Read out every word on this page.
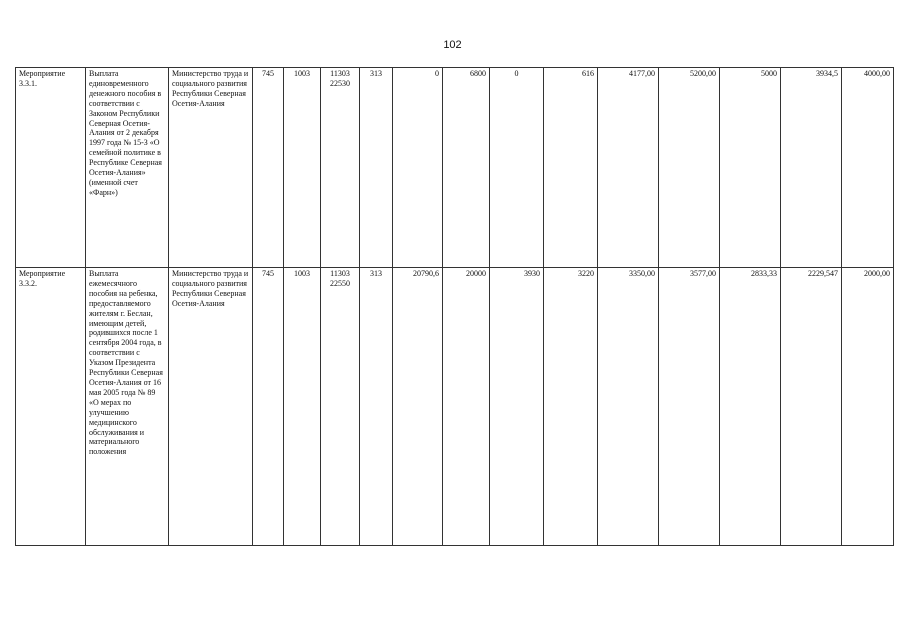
102
Мероприятие 3.3.1.	Выплата единовременного денежного пособия в соответствии с Законом Республики Северная Осетия-Алания от 2 декабря 1997 года № 15-З «О семейной политике в Республике Северная Осетия-Алания» (именной счет «Фарн»)	Министерство труда и социального развития Республики Северная Осетия-Алания	745	1003	11303 22530	313	0	6800	0	616	4177,00	5200,00	5000	3934,5	4000,00
Мероприятие 3.3.2.	Выплата ежемесячного пособия на ребенка, предоставляемого жителям г. Беслан, имеющим детей, родившихся после 1 сентября 2004 года, в соответствии с Указом Президента Республики Северная Осетия-Алания от 16 мая 2005 года № 89 «О мерах по улучшению медицинского обслуживания и материального положения	Министерство труда и социального развития Республики Северная Осетия-Алания	745	1003	11303 22550	313	20790,6	20000	3930	3220	3350,00	3577,00	2833,33	2229,547	2000,00
